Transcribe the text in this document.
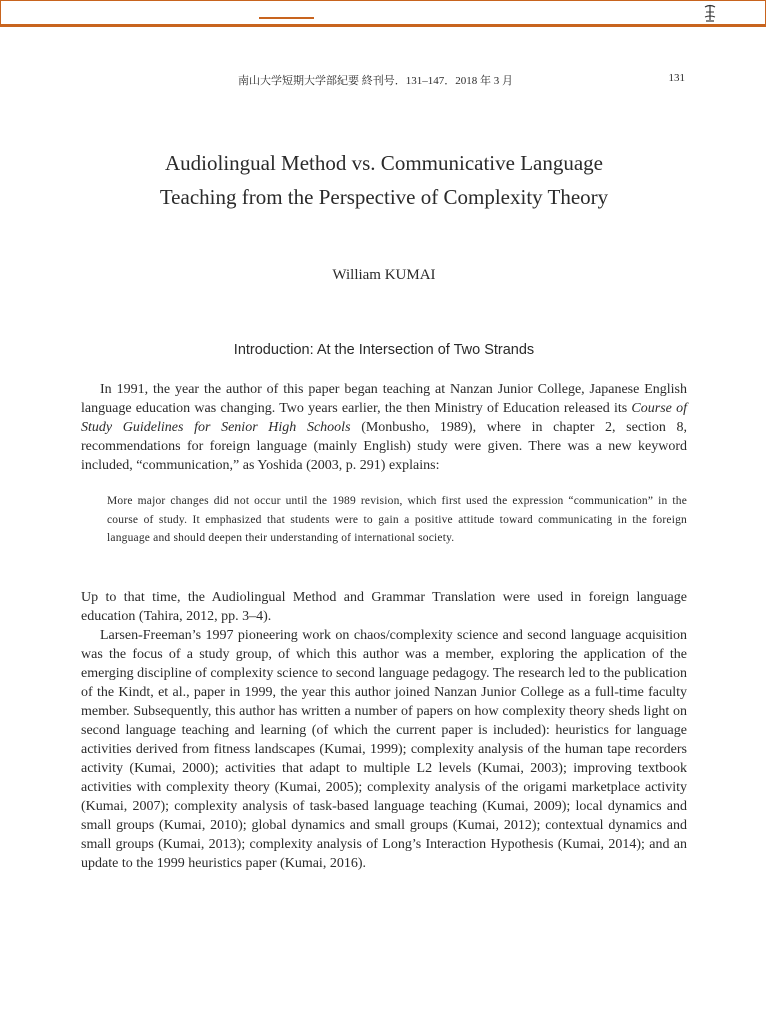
南山大学短期大学部紀要 終刊号．131–147．2018 年 3 月	131
Audiolingual Method vs. Communicative Language
Teaching from the Perspective of Complexity Theory
William KUMAI
Introduction: At the Intersection of Two Strands
In 1991, the year the author of this paper began teaching at Nanzan Junior College, Japanese English language education was changing. Two years earlier, the then Ministry of Education released its Course of Study Guidelines for Senior High Schools (Monbusho, 1989), where in chapter 2, section 8, recommendations for foreign language (mainly English) study were given. There was a new keyword included, “communication,” as Yoshida (2003, p. 291) explains:
More major changes did not occur until the 1989 revision, which first used the expression “communication” in the course of study. It emphasized that students were to gain a positive attitude toward communicating in the foreign language and should deepen their understanding of international society.
Up to that time, the Audiolingual Method and Grammar Translation were used in foreign language education (Tahira, 2012, pp. 3–4).
Larsen-Freeman’s 1997 pioneering work on chaos/complexity science and second language acquisition was the focus of a study group, of which this author was a member, exploring the application of the emerging discipline of complexity science to second language pedagogy. The research led to the publication of the Kindt, et al., paper in 1999, the year this author joined Nanzan Junior College as a full-time faculty member. Subsequently, this author has written a number of papers on how complexity theory sheds light on second language teaching and learning (of which the current paper is included): heuristics for language activities derived from fitness landscapes (Kumai, 1999); complexity analysis of the human tape recorders activity (Kumai, 2000); activities that adapt to multiple L2 levels (Kumai, 2003); improving textbook activities with complexity theory (Kumai, 2005); complexity analysis of the origami marketplace activity (Kumai, 2007); complexity analysis of task-based language teaching (Kumai, 2009); local dynamics and small groups (Kumai, 2010); global dynamics and small groups (Kumai, 2012); contextual dynamics and small groups (Kumai, 2013); complexity analysis of Long’s Interaction Hypothesis (Kumai, 2014); and an update to the 1999 heuristics paper (Kumai, 2016).
